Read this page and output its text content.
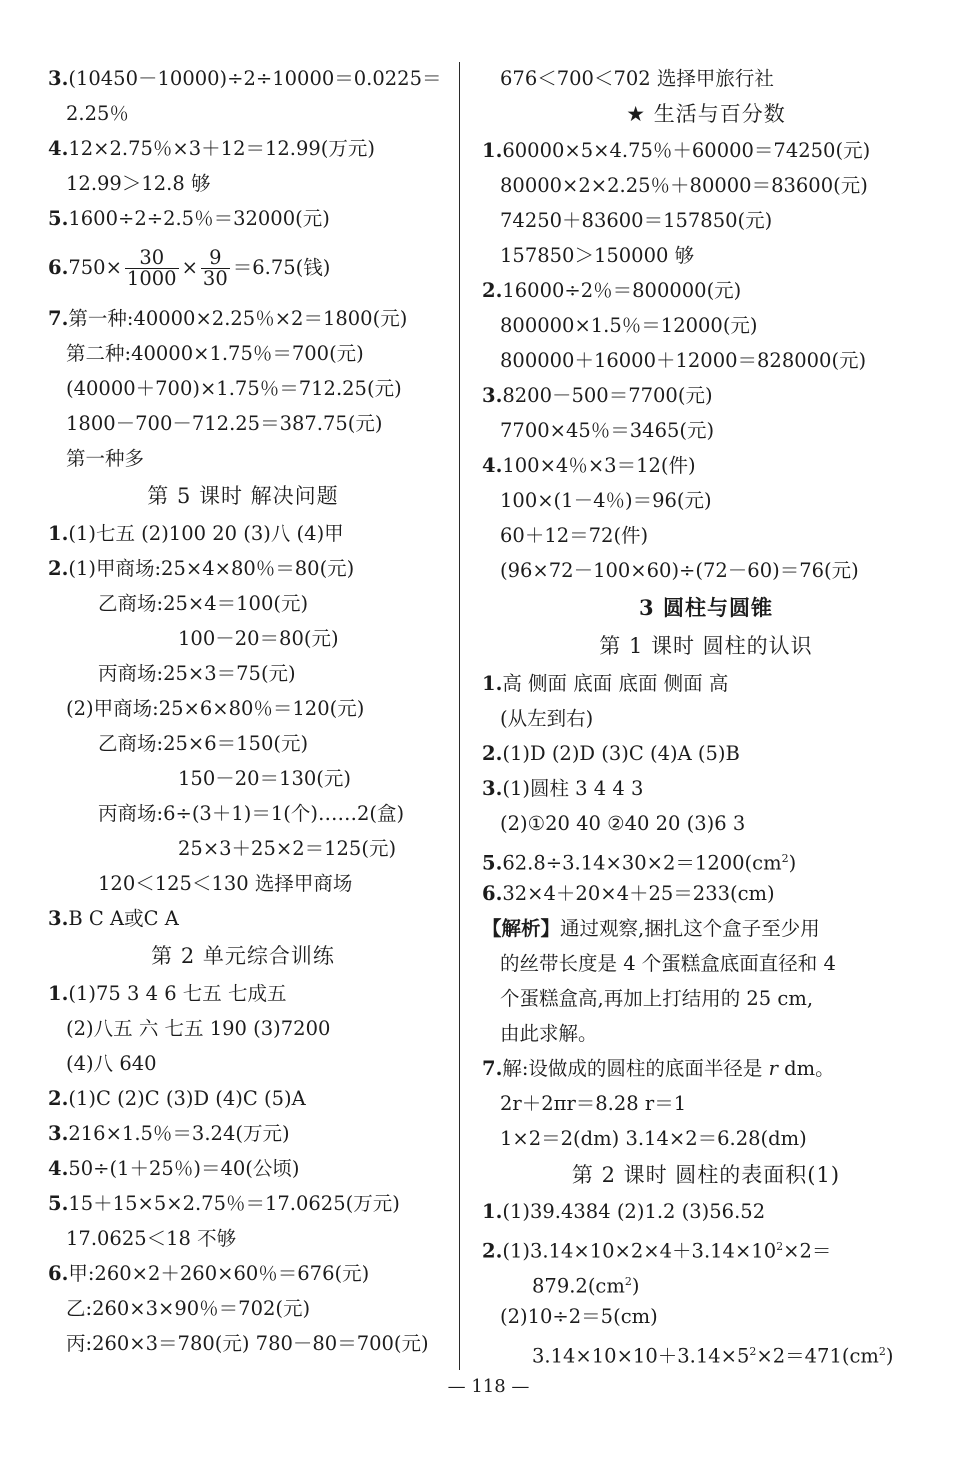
3.(10450－10000)÷2÷10000＝0.0225＝
2.25％
4.12×2.75％×3＋12＝12.99(万元)
12.99＞12.8 够
5.1600÷2÷2.5％＝32000(元)
$6.750\times \frac{30}{1000} \times \frac{9}{30} =6.75$(钱)
7.第一种:40000×2.25％×2＝1800(元)
第二种:40000×1.75％＝700(元)
(40000＋700)×1.75％＝712.25(元)
1800－700－712.25＝387.75(元)
第一种多
第 5 课时 解决问题
1.(1)七五 (2)100 20 (3)八 (4)甲
2.(1)甲商场:25×4×80％＝80(元)
乙商场:25×4＝100(元)
100－20＝80(元)
丙商场:25×3＝75(元)
(2)甲商场:25×6×80％＝120(元)
乙商场:25×6＝150(元)
150－20＝130(元)
丙商场:6÷(3＋1)＝1(个)……2(盒)
25×3＋25×2＝125(元)
120＜125＜130 选择甲商场
3.B C A或C A
第 2 单元综合训练
1.(1)75 3 4 6 七五 七成五
(2)八五 六 七五 190 (3)7200
(4)八 640
2.(1)C (2)C (3)D (4)C (5)A
3.216×1.5％＝3.24(万元)
4.50÷(1＋25％)＝40(公顷)
5.15＋15×5×2.75％＝17.0625(万元)
17.0625＜18 不够
6.甲:260×2＋260×60％＝676(元)
乙:260×3×90％＝702(元)
丙:260×3＝780(元) 780－80＝700(元)
676＜700＜702 选择甲旅行社
★ 生活与百分数
1.60000×5×4.75％＋60000＝74250(元)
80000×2×2.25％＋80000＝83600(元)
74250＋83600＝157850(元)
157850＞150000 够
2.16000÷2％＝800000(元)
800000×1.5％＝12000(元)
800000＋16000＋12000＝828000(元)
3.8200－500＝7700(元)
7700×45％＝3465(元)
4.100×4％×3＝12(件)
100×(1－4％)＝96(元)
60＋12＝72(件)
(96×72－100×60)÷(72－60)＝76(元)
3 圆柱与圆锥
第 1 课时 圆柱的认识
1.高 侧面 底面 底面 侧面 高
(从左到右)
2.(1)D (2)D (3)C (4)A (5)B
3.(1)圆柱 3 4 4 3
(2)①20 40 ②40 20 (3)6 3
$5.62.8\div 3.14\times 30\times 2=1200(cm^2)$
6.32×4＋20×4＋25＝233(cm)
【解析】通过观察,捆扎这个盒子至少用
的丝带长度是 4 个蛋糕盒底面直径和 4
个蛋糕盒高,再加上打结用的 25 cm,
由此求解。
7.解:设做成的圆柱的底面半径是 r dm。
2r＋2πr＝8.28 r＝1
1×2＝2(dm) 3.14×2＝6.28(dm)
第 2 课时 圆柱的表面积(1)
1.(1)39.4384 (2)1.2 (3)56.52
$2.(1)3.14\times 10\times 2\times 4+3.14\times 10^2\times 2=$
$879.2(cm^2)$
(2)10÷2＝5(cm)
$3.14\times 10\times 10+3.14\times 5^2\times 2=471(cm^2)$
— 118 —
